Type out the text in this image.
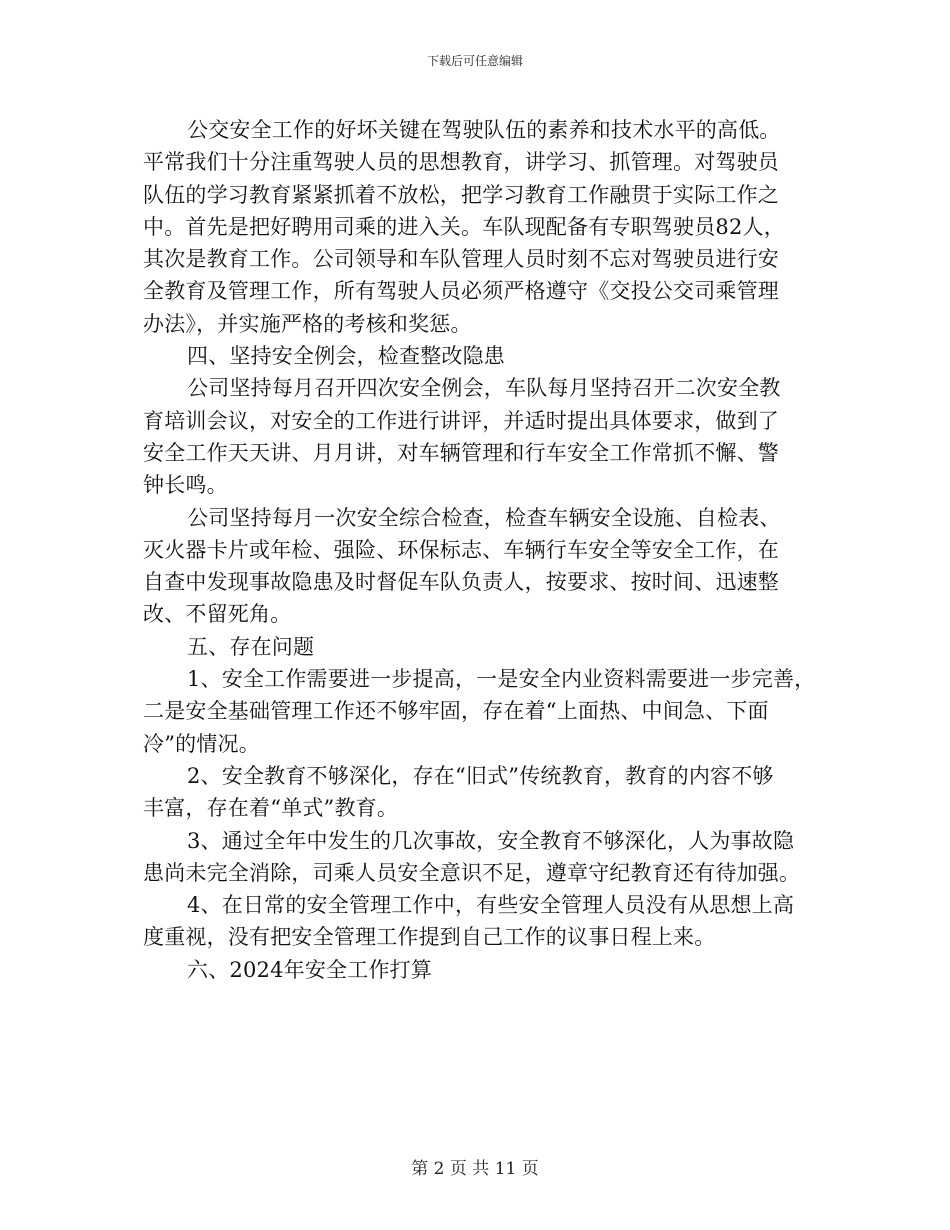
下载后可任意编辑
公交安全工作的好坏关键在驾驶队伍的素养和技术水平的高低。
平常我们十分注重驾驶人员的思想教育，讲学习、抓管理。对驾驶员
队伍的学习教育紧紧抓着不放松，把学习教育工作融贯于实际工作之
中。首先是把好聘用司乘的进入关。车队现配备有专职驾驶员82人，
其次是教育工作。公司领导和车队管理人员时刻不忘对驾驶员进行安
全教育及管理工作，所有驾驶人员必须严格遵守《交投公交司乘管理
办法》，并实施严格的考核和奖惩。
四、坚持安全例会，检查整改隐患
公司坚持每月召开四次安全例会，车队每月坚持召开二次安全教
育培训会议，对安全的工作进行讲评，并适时提出具体要求，做到了
安全工作天天讲、月月讲，对车辆管理和行车安全工作常抓不懈、警
钟长鸣。
公司坚持每月一次安全综合检查，检查车辆安全设施、自检表、
灭火器卡片或年检、强险、环保标志、车辆行车安全等安全工作，在
自查中发现事故隐患及时督促车队负责人，按要求、按时间、迅速整
改、不留死角。
五、存在问题
1、安全工作需要进一步提高，一是安全内业资料需要进一步完善，
二是安全基础管理工作还不够牢固，存在着“上面热、中间急、下面
冷”的情况。
2、安全教育不够深化，存在“旧式”传统教育，教育的内容不够
丰富，存在着“单式”教育。
3、通过全年中发生的几次事故，安全教育不够深化，人为事故隐
患尚未完全消除，司乘人员安全意识不足，遵章守纪教育还有待加强。
4、在日常的安全管理工作中，有些安全管理人员没有从思想上高
度重视，没有把安全管理工作提到自己工作的议事日程上来。
六、2024年安全工作打算
第 2 页 共 11 页
